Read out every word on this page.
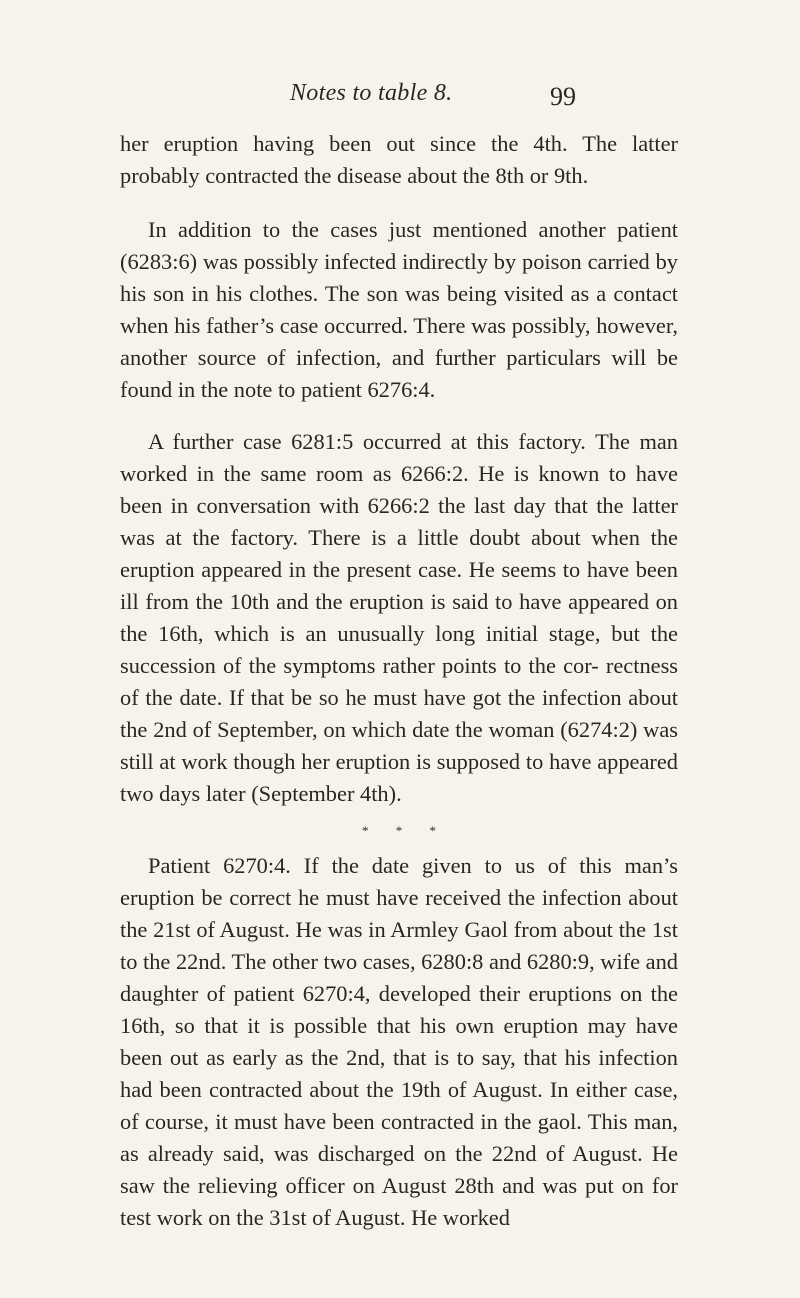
Notes to table 8.	99

her eruption having been out since the 4th. The latter probably contracted the disease about the 8th or 9th.

In addition to the cases just mentioned another patient (6283:6) was possibly infected indirectly by poison carried by his son in his clothes. The son was being visited as a contact when his father’s case occurred. There was possibly, however, another source of infection, and further particulars will be found in the note to patient 6276:4.

A further case 6281:5 occurred at this factory. The man worked in the same room as 6266:2. He is known to have been in conversation with 6266:2 the last day that the latter was at the factory. There is a little doubt about when the eruption appeared in the present case. He seems to have been ill from the 10th and the eruption is said to have appeared on the 16th, which is an unusually long initial stage, but the succession of the symptoms rather points to the cor- rectness of the date. If that be so he must have got the infection about the 2nd of September, on which date the woman (6274:2) was still at work though her eruption is supposed to have appeared two days later (September 4th).

* * *

Patient 6270:4. If the date given to us of this man’s eruption be correct he must have received the infection about the 21st of August. He was in Armley Gaol from about the 1st to the 22nd. The other two cases, 6280:8 and 6280:9, wife and daughter of patient 6270:4, developed their eruptions on the 16th, so that it is possible that his own eruption may have been out as early as the 2nd, that is to say, that his infection had been contracted about the 19th of August. In either case, of course, it must have been contracted in the gaol. This man, as already said, was discharged on the 22nd of August. He saw the relieving officer on August 28th and was put on for test work on the 31st of August. He worked
